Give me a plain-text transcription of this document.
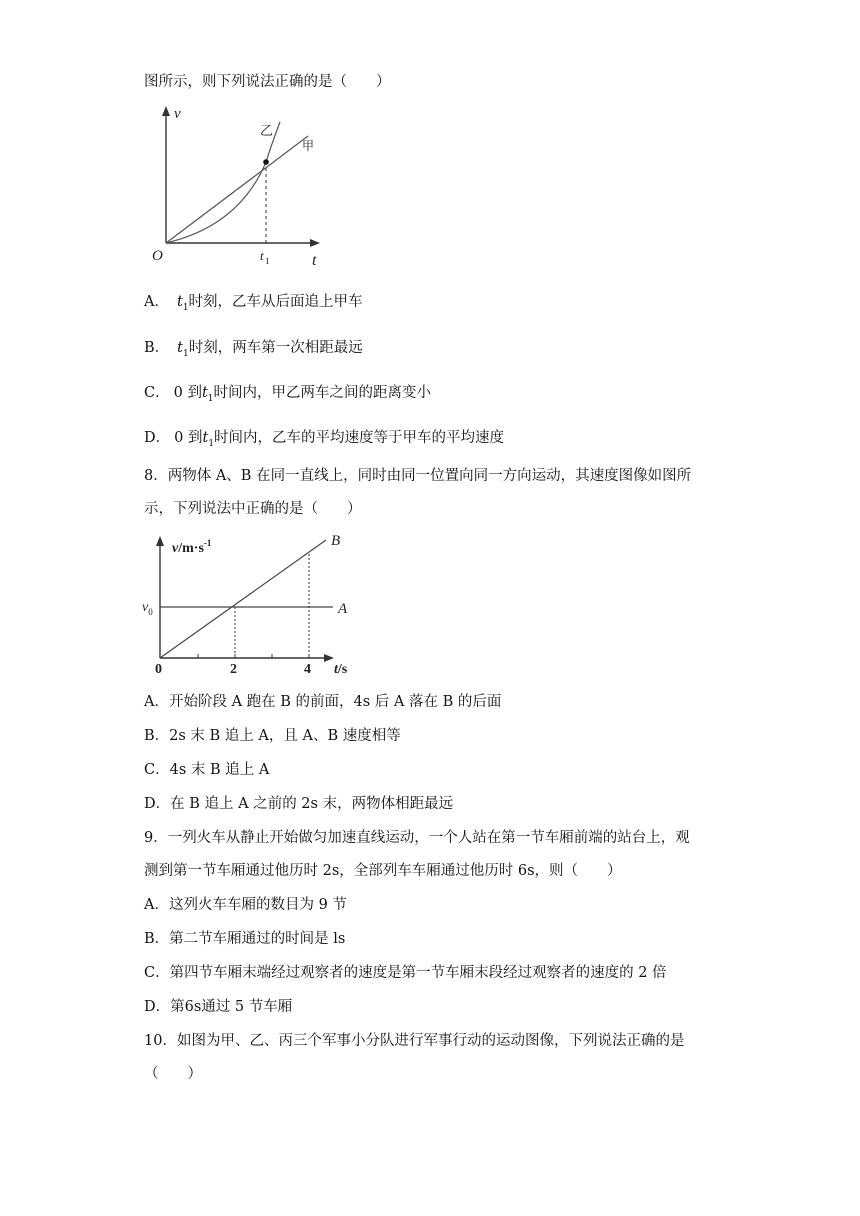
图所示，则下列说法正确的是（　　）
v
O	t
t 1
乙
甲
A． $t_1$时刻，乙车从后面追上甲车
B． $t_1$时刻，两车第一次相距最远
C． 0 到$t_1$时间内，甲乙两车之间的距离变小
D． 0 到$t_1$时间内，乙车的平均速度等于甲车的平均速度
8．两物体 A、B 在同一直线上，同时由同一位置向同一方向运动，其速度图像如图所
示，下列说法中正确的是（　　）
$v/m\cdot s^{-1}$
$v_0$	A
B
0	2	4 t/s
A．开始阶段 A 跑在 B 的前面，4s 后 A 落在 B 的后面
B．2s 末 B 追上 A，且 A、B 速度相等
C．4s 末 B 追上 A
D．在 B 追上 A 之前的 2s 末，两物体相距最远
9．一列火车从静止开始做匀加速直线运动，一个人站在第一节车厢前端的站台上，观
测到第一节车厢通过他历时 2s，全部列车车厢通过他历时 6s，则（　　）
A．这列火车车厢的数目为 9 节
B．第二节车厢通过的时间是 ls
C．第四节车厢末端经过观察者的速度是第一节车厢末段经过观察者的速度的 2 倍
D．第6s通过 5 节车厢
10．如图为甲、乙、丙三个军事小分队进行军事行动的运动图像，下列说法正确的是
（　　）
